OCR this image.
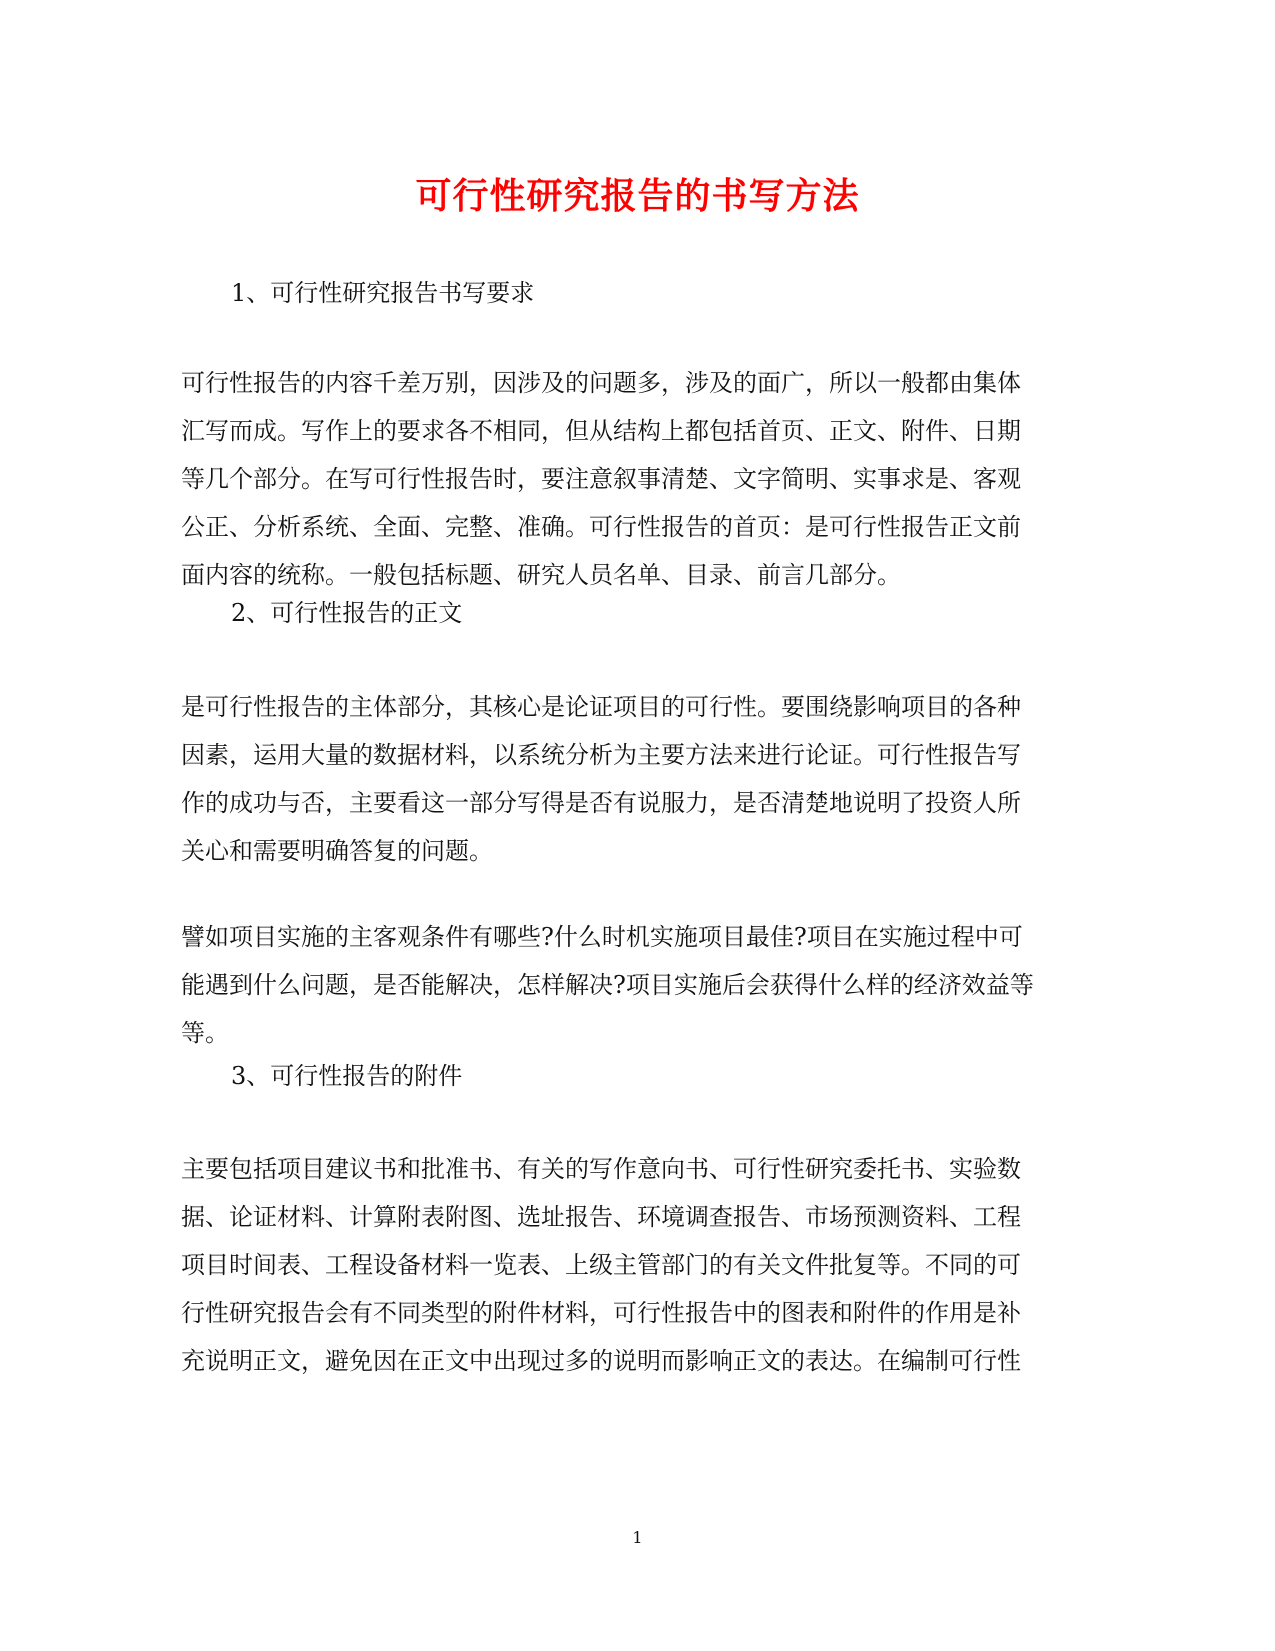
可行性研究报告的书写方法
1、可行性研究报告书写要求
可行性报告的内容千差万别，因涉及的问题多，涉及的面广，所以一般都由集体
汇写而成。写作上的要求各不相同，但从结构上都包括首页、正文、附件、日期
等几个部分。在写可行性报告时，要注意叙事清楚、文字简明、实事求是、客观
公正、分析系统、全面、完整、准确。可行性报告的首页：是可行性报告正文前
面内容的统称。一般包括标题、研究人员名单、目录、前言几部分。
2、可行性报告的正文
是可行性报告的主体部分，其核心是论证项目的可行性。要围绕影响项目的各种
因素，运用大量的数据材料，以系统分析为主要方法来进行论证。可行性报告写
作的成功与否，主要看这一部分写得是否有说服力，是否清楚地说明了投资人所
关心和需要明确答复的问题。
譬如项目实施的主客观条件有哪些?什么时机实施项目最佳?项目在实施过程中可
能遇到什么问题，是否能解决，怎样解决?项目实施后会获得什么样的经济效益等
等。
3、可行性报告的附件
主要包括项目建议书和批准书、有关的写作意向书、可行性研究委托书、实验数
据、论证材料、计算附表附图、选址报告、环境调查报告、市场预测资料、工程
项目时间表、工程设备材料一览表、上级主管部门的有关文件批复等。不同的可
行性研究报告会有不同类型的附件材料，可行性报告中的图表和附件的作用是补
充说明正文，避免因在正文中出现过多的说明而影响正文的表达。在编制可行性
1
